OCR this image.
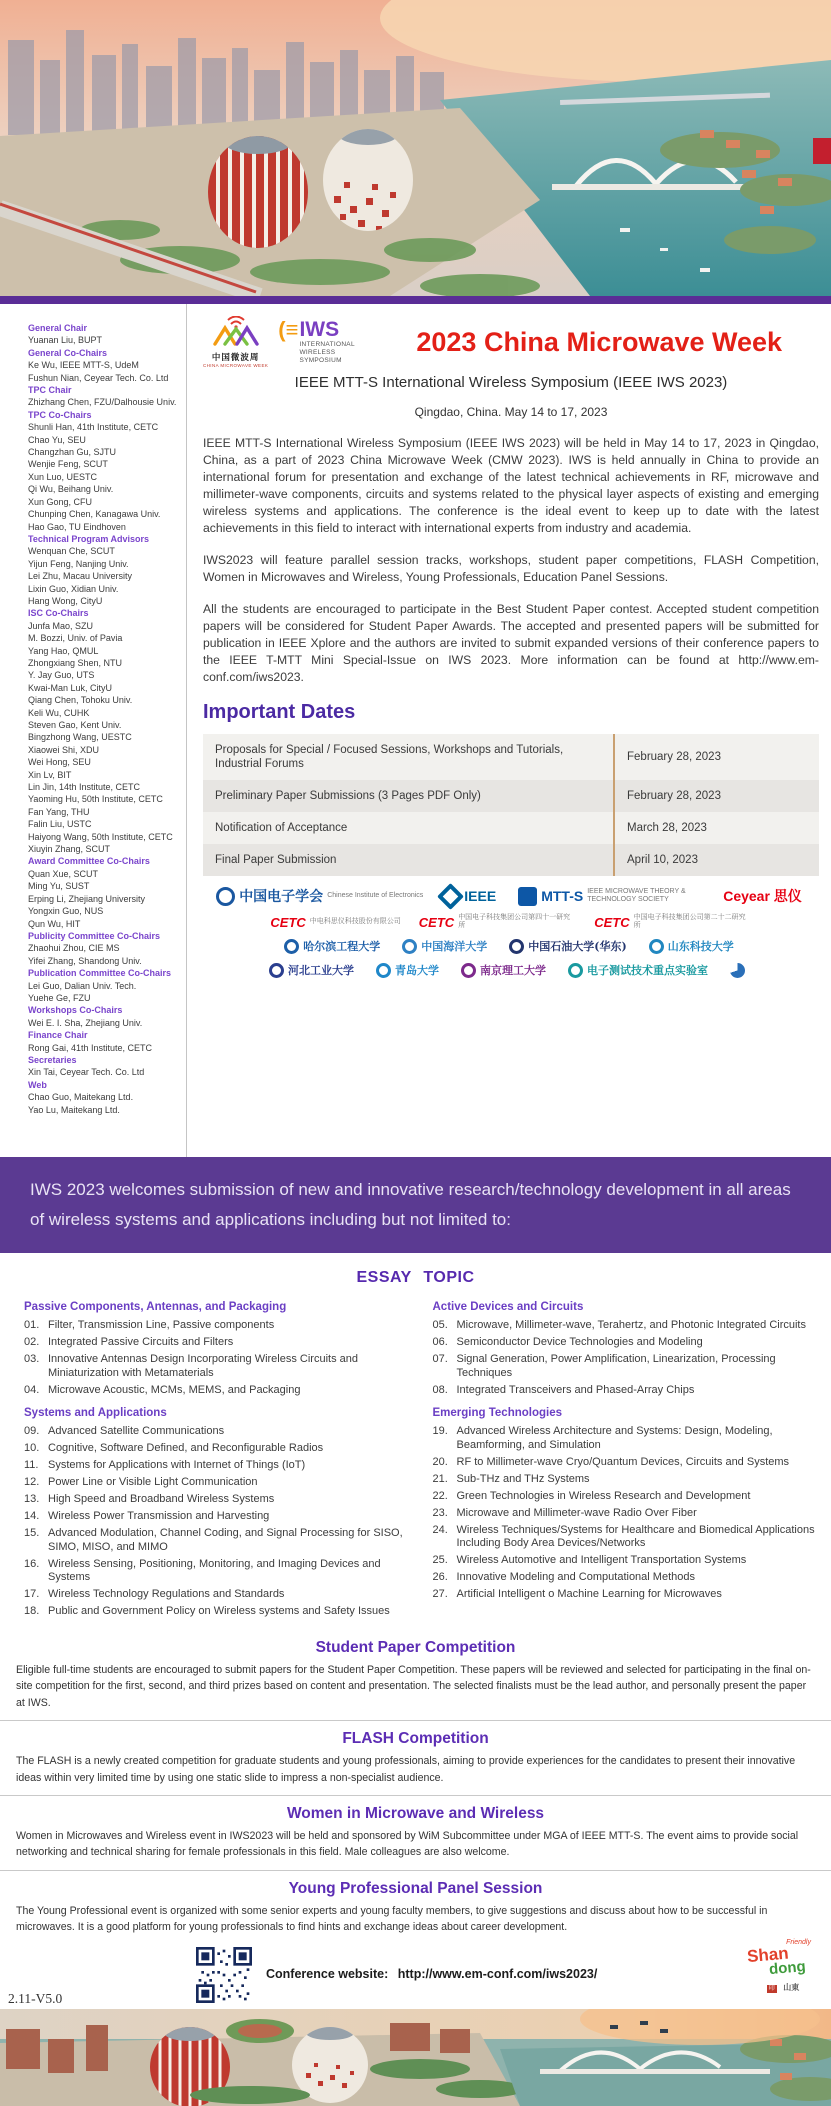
General Chair
Yuanan Liu, BUPT
General Co-Chairs
Ke Wu, IEEE MTT-S, UdeM
Fushun Nian, Ceyear Tech. Co. Ltd
TPC Chair
Zhizhang Chen, FZU/Dalhousie Univ.
TPC Co-Chairs
Shunli Han, 41th Institute, CETC
Chao Yu, SEU
Changzhan Gu, SJTU
Wenjie Feng, SCUT
Xun Luo, UESTC
Qi Wu, Beihang Univ.
Xun Gong, CFU
Chunping Chen, Kanagawa Univ.
Hao Gao, TU Eindhoven
Technical Program Advisors
Wenquan Che, SCUT
Yijun Feng, Nanjing Univ.
Lei Zhu, Macau University
Lixin Guo, Xidian Univ.
Hang Wong, CityU
ISC Co-Chairs
Junfa Mao, SZU
M. Bozzi, Univ. of Pavia
Yang Hao, QMUL
Zhongxiang Shen, NTU
Y. Jay Guo, UTS
Kwai-Man Luk, CityU
Qiang Chen, Tohoku Univ.
Keli Wu, CUHK
Steven Gao, Kent Univ.
Bingzhong Wang, UESTC
Xiaowei Shi, XDU
Wei Hong, SEU
Xin Lv, BIT
Lin Jin, 14th Institute, CETC
Yaoming Hu, 50th Institute, CETC
Fan Yang, THU
Falin Liu, USTC
Haiyong Wang, 50th Institute, CETC
Xiuyin Zhang, SCUT
Award Committee Co-Chairs
Quan Xue, SCUT
Ming Yu, SUST
Erping Li, Zhejiang University
Yongxin Guo, NUS
Qun Wu, HIT
Publicity Committee Co-Chairs
Zhaohui Zhou, CIE MS
Yifei Zhang, Shandong Univ.
Publication Committee Co-Chairs
Lei Guo, Dalian Univ. Tech.
Yuehe Ge, FZU
Workshops Co-Chairs
Wei E. I. Sha, Zhejiang Univ.
Finance Chair
Rong Gai, 41th Institute, CETC
Secretaries
Xin Tai, Ceyear Tech. Co. Ltd
Web
Chao Guo, Maitekang Ltd.
Yao Lu, Maitekang Ltd.
中国微波周
CHINA MICROWAVE WEEK
(≡ IWS
INTERNATIONAL WIRELESS SYMPOSIUM
2023 China Microwave Week
IEEE MTT-S International Wireless Symposium (IEEE IWS 2023)
Qingdao, China. May 14 to 17, 2023

IEEE MTT-S International Wireless Symposium (IEEE IWS 2023) will be held in May 14 to 17, 2023 in Qingdao, China, as a part of 2023 China Microwave Week (CMW 2023). IWS is held annually in China to provide an international forum for presentation and exchange of the latest technical achievements in RF, microwave and millimeter-wave components, circuits and systems related to the physical layer aspects of existing and emerging wireless systems and applications. The conference is the ideal event to keep up to date with the latest achievements in this field to interact with international experts from industry and academia.

IWS2023 will feature parallel session tracks, workshops, student paper competitions, FLASH Competition, Women in Microwaves and Wireless, Young Professionals, Education Panel Sessions.

All the students are encouraged to participate in the Best Student Paper contest. Accepted student competition papers will be considered for Student Paper Awards. The accepted and presented papers will be submitted for publication in IEEE Xplore and the authors are invited to submit expanded versions of their conference papers to the IEEE T-MTT Mini Special-Issue on IWS 2023. More information can be found at http://www.em-conf.com/iws2023.

Important Dates
Proposals for Special / Focused Sessions, Workshops and Tutorials, Industrial Forums
February 28, 2023
Preliminary Paper Submissions (3 Pages PDF Only)	February 28, 2023
Notification of Acceptance	March 28, 2023
Final Paper Submission	April 10, 2023
中国电子学会 Chinese Institute of Electronics	IEEE	MTT-S IEEE MICROWAVE THEORY & TECHNOLOGY SOCIETY	Ceyear 思仪
CETC 中电科思仪科技股份有限公司 CETC 中国电子科技集团公司第四十一研究所	CETC 中国电子科技集团公司第二十二研究所
哈尔滨工程大学	中国海洋大学	中国石油大学(华东)	山东科技大学
河北工业大学	青岛大学	南京理工大学	电子测试技术重点实验室

IWS 2023 welcomes submission of new and innovative research/technology development in all areas of wireless systems and applications including but not limited to:

ESSAY TOPIC
Passive Components, Antennas, and Packaging
01. Filter, Transmission Line, Passive components
02. Integrated Passive Circuits and Filters
03. Innovative Antennas Design Incorporating Wireless Circuits and Miniaturization with Metamaterials
04. Microwave Acoustic, MCMs, MEMS, and Packaging
Systems and Applications
09. Advanced Satellite Communications
10. Cognitive, Software Defined, and Reconfigurable Radios
11. Systems for Applications with Internet of Things (IoT)
12. Power Line or Visible Light Communication
13. High Speed and Broadband Wireless Systems
14. Wireless Power Transmission and Harvesting
15. Advanced Modulation, Channel Coding, and Signal Processing for SISO, SIMO, MISO, and MIMO
16. Wireless Sensing, Positioning, Monitoring, and Imaging Devices and Systems
17. Wireless Technology Regulations and Standards
18. Public and Government Policy on Wireless systems and Safety Issues
Active Devices and Circuits
05. Microwave, Millimeter-wave, Terahertz, and Photonic Integrated Circuits
06. Semiconductor Device Technologies and Modeling
07. Signal Generation, Power Amplification, Linearization, Processing Techniques
08. Integrated Transceivers and Phased-Array Chips
Emerging Technologies
19. Advanced Wireless Architecture and Systems: Design, Modeling, Beamforming, and Simulation
20. RF to Millimeter-wave Cryo/Quantum Devices, Circuits and Systems
21. Sub-THz and THz Systems
22. Green Technologies in Wireless Research and Development
23. Microwave and Millimeter-wave Radio Over Fiber
24. Wireless Techniques/Systems for Healthcare and Biomedical Applications Including Body Area Devices/Networks
25. Wireless Automotive and Intelligent Transportation Systems
26. Innovative Modeling and Computational Methods
27. Artificial Intelligent o Machine Learning for Microwaves
Student Paper Competition

Eligible full-time students are encouraged to submit papers for the Student Paper Competition. These papers will be reviewed and selected for participating in the final on-site competition for the first, second, and third prizes based on content and presentation. The selected finalists must be the lead author, and personally present the paper at IWS.

FLASH Competition

The FLASH is a newly created competition for graduate students and young professionals, aiming to provide experiences for the candidates to present their innovative ideas within very limited time by using one static slide to impress a non-specialist audience.

Women in Microwave and Wireless

Women in Microwaves and Wireless event in IWS2023 will be held and sponsored by WiM Subcommittee under MGA of IEEE MTT-S. The event aims to provide social networking and technical sharing for female professionals in this field. Male colleagues are also welcome.

Young Professional Panel Session

The Young Professional event is organized with some senior experts and young faculty members, to give suggestions and discuss about how to be successful in microwaves. It is a good platform for young professionals to find hints and exchange ideas about career development.

2.11-V5.0
Conference website: http://www.em-conf.com/iws2023/
Friendly
Shan
dong
印 山東
